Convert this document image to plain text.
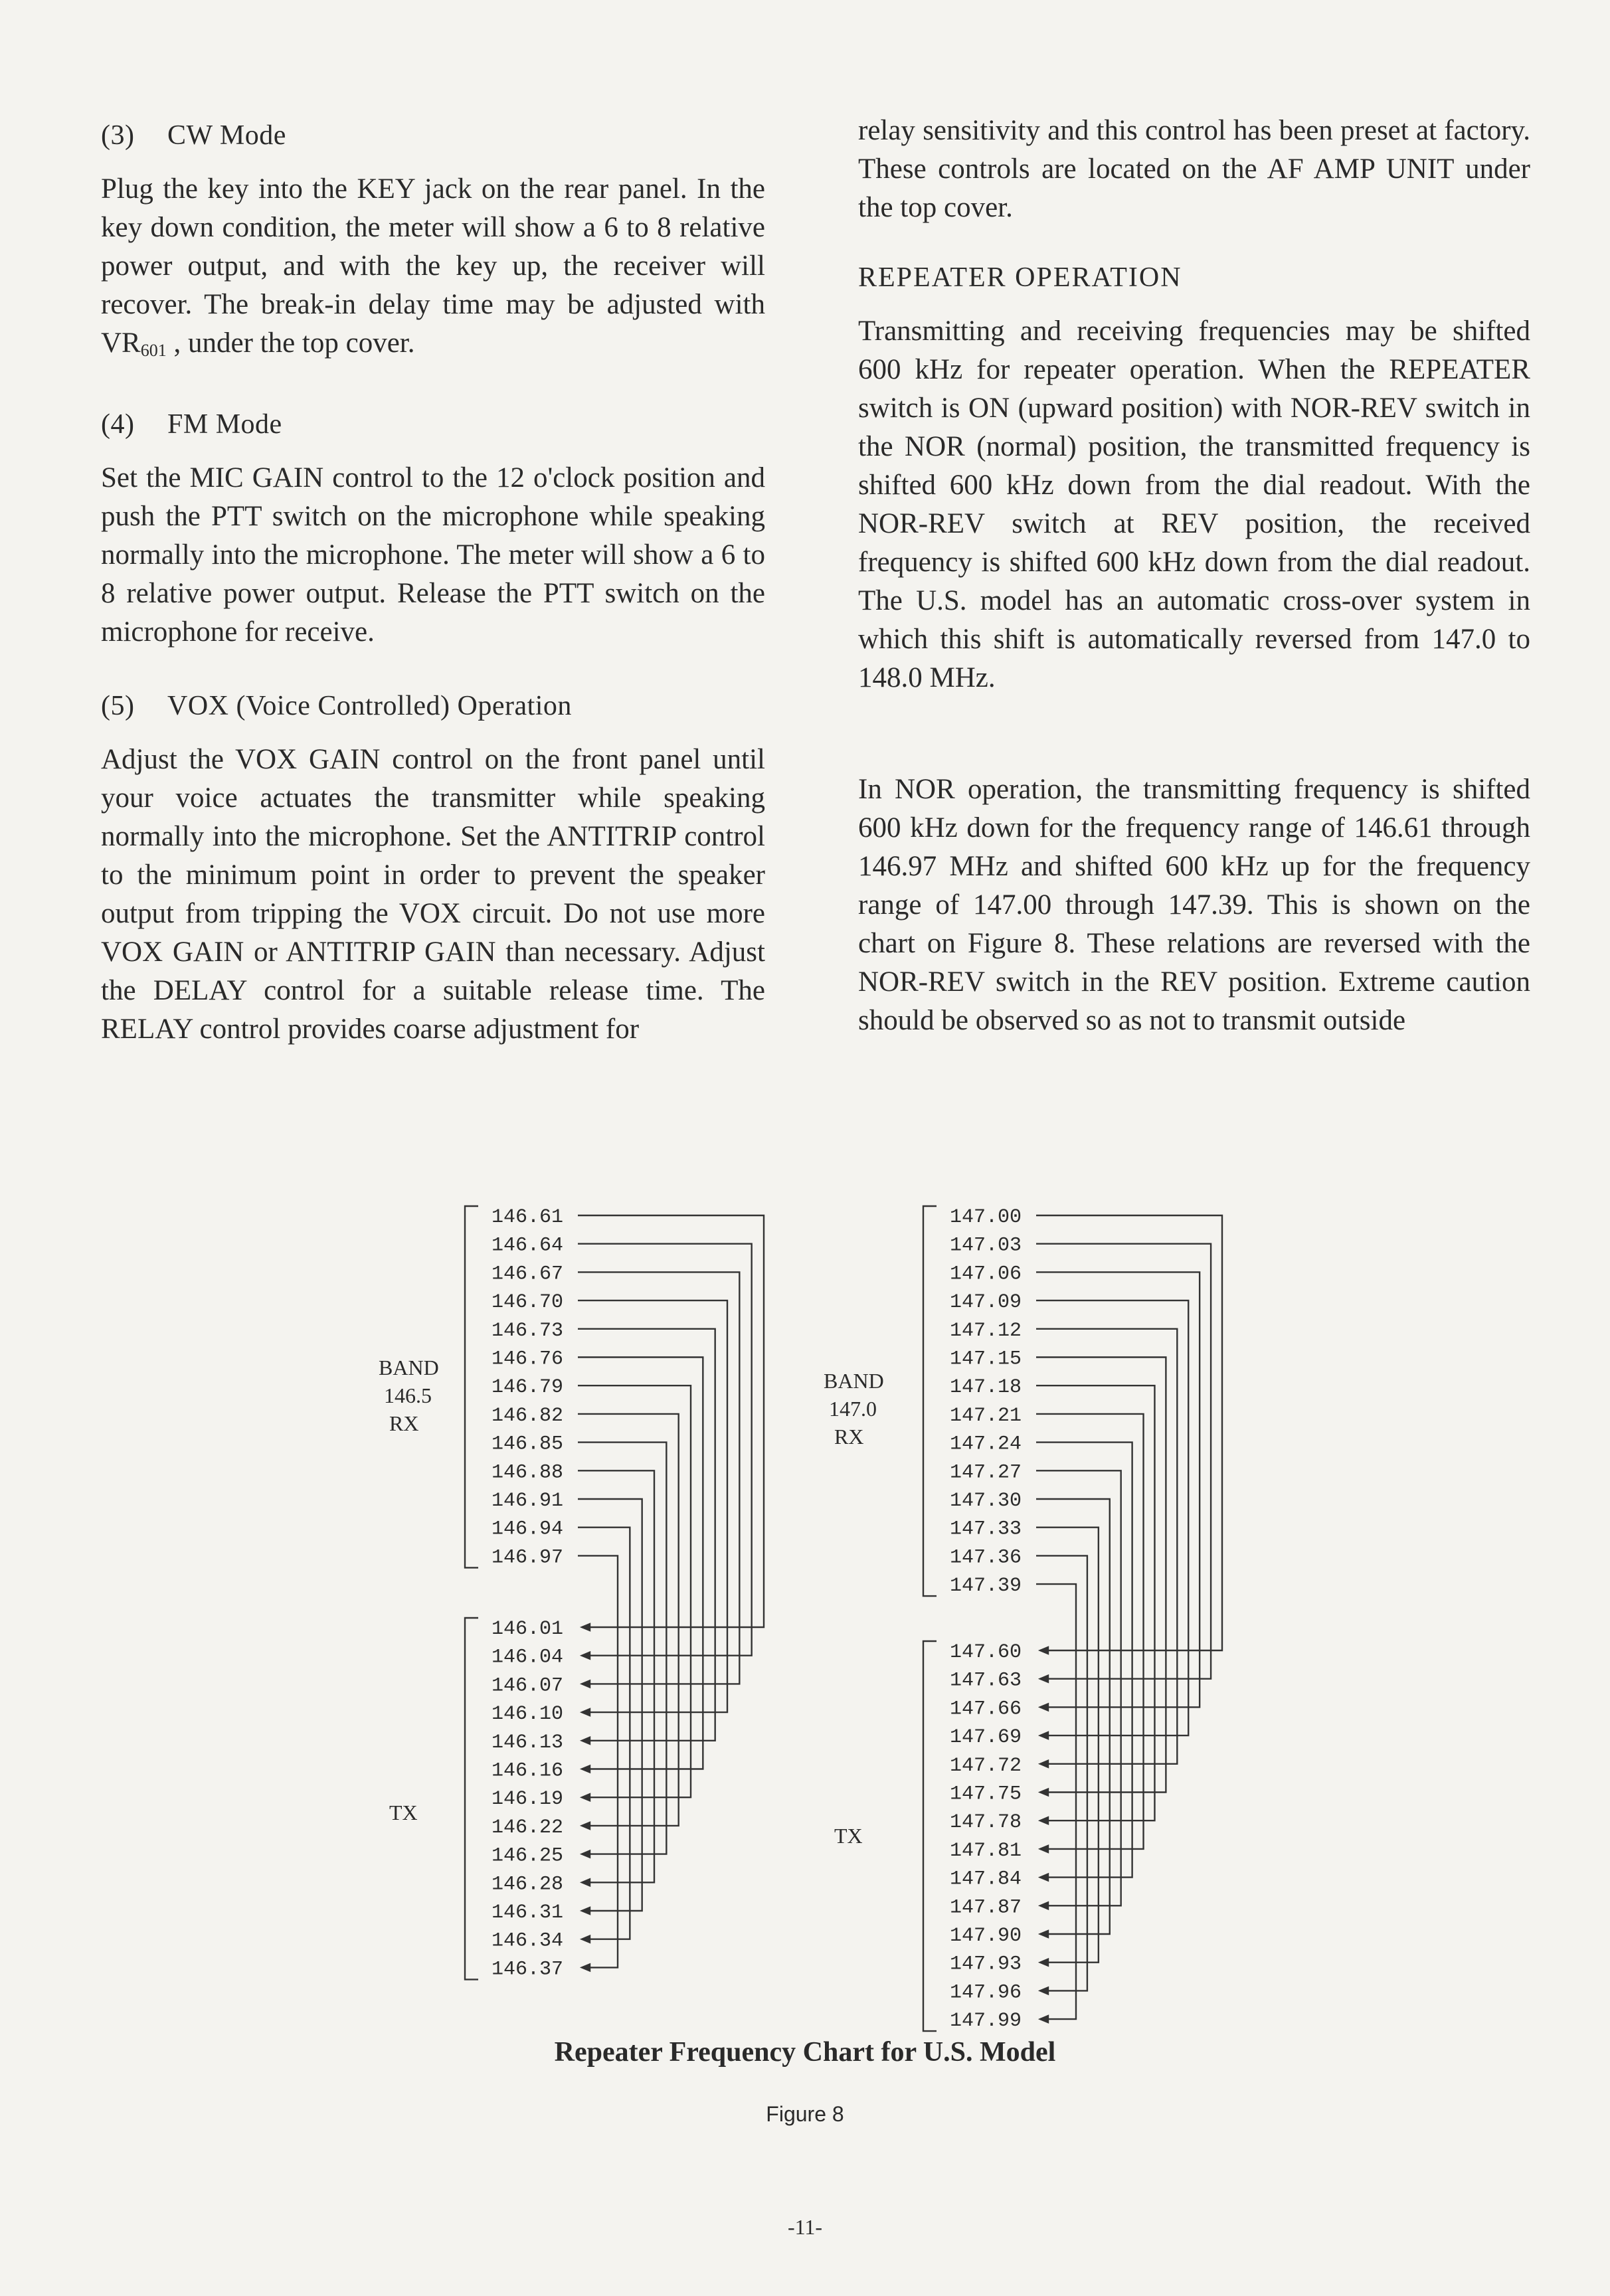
(3) CW Mode

Plug the key into the KEY jack on the rear panel. In the key down condition, the meter will show a 6 to 8 relative power output, and with the key up, the receiver will recover. The break-in delay time may be adjusted with $VR_{601}$ , under the top cover.

(4) FM Mode

Set the MIC GAIN control to the 12 o'clock position and push the PTT switch on the microphone while speaking normally into the microphone. The meter will show a 6 to 8 relative power output. Release the PTT switch on the microphone for receive.

(5) VOX (Voice Controlled) Operation

Adjust the VOX GAIN control on the front panel until your voice actuates the transmitter while speaking normally into the microphone. Set the ANTITRIP control to the minimum point in order to prevent the speaker output from tripping the VOX circuit. Do not use more VOX GAIN or ANTITRIP GAIN than necessary. Adjust the DELAY control for a suitable release time. The RELAY control provides coarse adjustment for

relay sensitivity and this control has been preset at factory. These controls are located on the AF AMP UNIT under the top cover.

REPEATER OPERATION

Transmitting and receiving frequencies may be shifted 600 kHz for repeater operation. When the REPEATER switch is ON (upward position) with NOR-REV switch in the NOR (normal) position, the transmitted frequency is shifted 600 kHz down from the dial readout. With the NOR-REV switch at REV position, the received frequency is shifted 600 kHz down from the dial readout. The U.S. model has an automatic cross-over system in which this shift is automatically reversed from 147.0 to 148.0 MHz.

In NOR operation, the transmitting frequency is shifted 600 kHz down for the frequency range of 146.61 through 146.97 MHz and shifted 600 kHz up for the frequency range of 147.00 through 147.39. This is shown on the chart on Figure 8. These relations are reversed with the NOR-REV switch in the REV position. Extreme caution should be observed so as not to transmit outside

BAND
146.5
RX
TX
146.61
146.01
146.64
146.04
146.67
146.07
146.70
146.10
146.73
146.13
146.76
146.16
146.79
146.19
146.82
146.22
146.85
146.25
146.88
146.28
146.91
146.31
146.94
146.34
146.97
146.37
BAND
147.0
RX
TX
147.00
147.60
147.03
147.63
147.06
147.66
147.09
147.69
147.12
147.72
147.15
147.75
147.18
147.78
147.21
147.81
147.24
147.84
147.27
147.87
147.30
147.90
147.33
147.93
147.36
147.96
147.39
147.99
Repeater Frequency Chart for U.S. Model
Figure 8
-11-
